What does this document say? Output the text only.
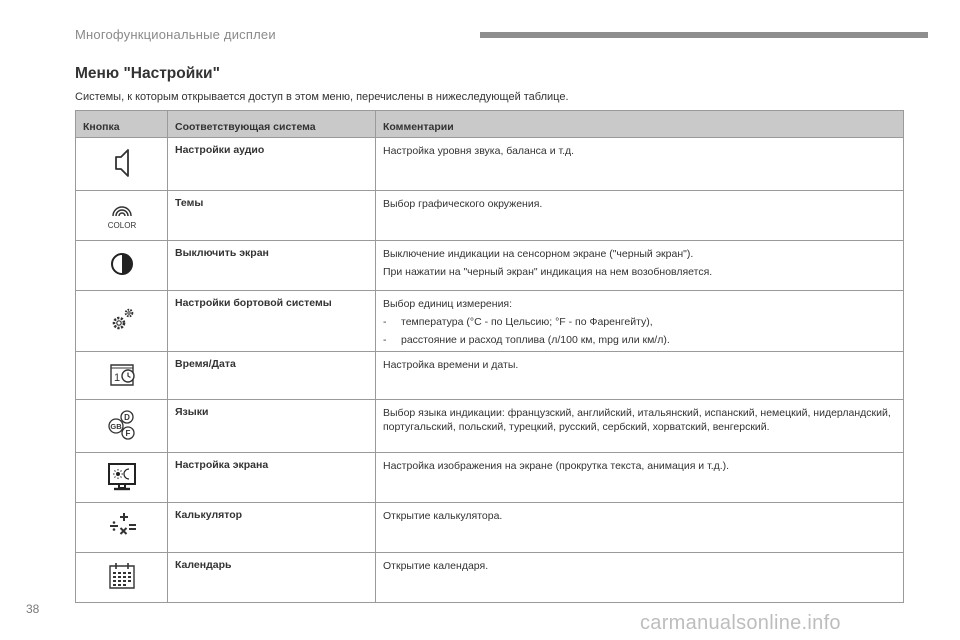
Многофункциональные дисплеи
Меню "Настройки"
Системы, к которым открывается доступ в этом меню, перечислены в нижеследующей таблице.
Кнопка	Соответствующая система	Комментарии

	Настройки аудио	Настройка уровня звука, баланса и т.д.

COLOR	Темы	Выбор графического окружения.

	Выключить экран	Выключение индикации на сенсорном экране ("черный экран").
При нажатии на "черный экран" индикация на нем возобновляется.

	Настройки бортовой системы	Выбор единиц измерения:
- температура (°C - по Цельсию; °F - по Фаренгейту),
- расстояние и расход топлива (л/100 км, mpg или км/л).

1	Время/Дата	Настройка времени и даты.

D
GB
F	Языки	Выбор языка индикации: французский, английский, итальянский, испанский, немецкий, нидерландский, португальский, польский, турецкий, русский, сербский, хорватский, венгерский.

	Настройка экрана	Настройка изображения на экране (прокрутка текста, анимация и т.д.).

	Калькулятор	Открытие калькулятора.

	Календарь	Открытие календаря.
38
carmanualsonline.info
